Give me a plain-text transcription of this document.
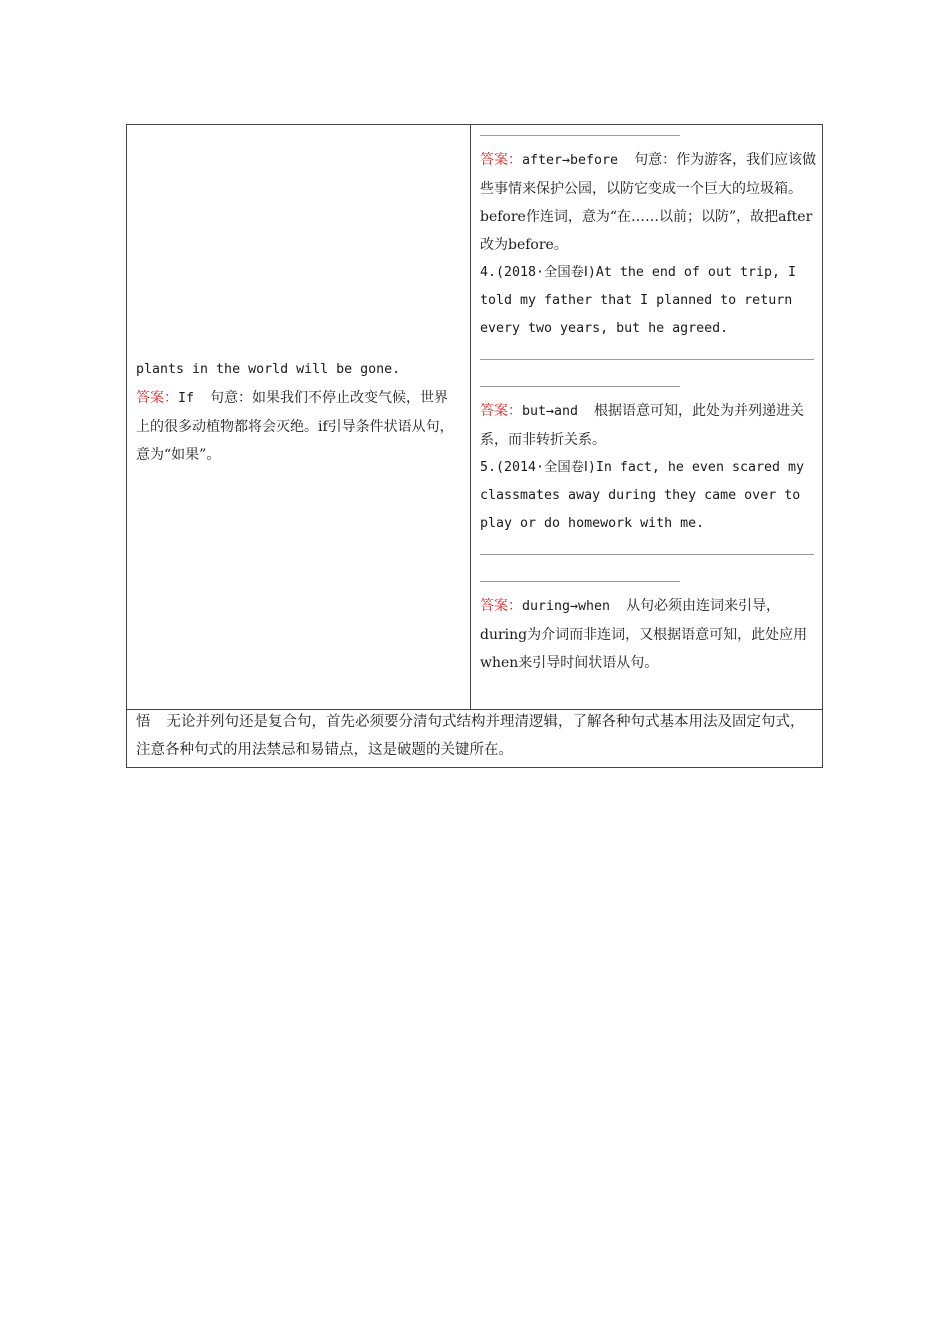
plants in the world will be gone.

答案：If 句意：如果我们不停止改变气候，世界上的很多动植物都将会灭绝。if引导条件状语从句，意为“如果”。

答案：after→before 句意：作为游客，我们应该做些事情来保护公园，以防它变成一个巨大的垃圾箱。before作连词，意为“在……以前；以防”，故把after改为before。

4.(2018·全国卷Ⅰ)At the end of out trip, I told my father that I planned to return every two years, but he agreed.

答案：but→and 根据语意可知，此处为并列递进关系，而非转折关系。

5.(2014·全国卷Ⅰ)In fact, he even scared my classmates away during they came over to play or do homework with me.

答案：during→when 从句必须由连词来引导，during为介词而非连词，又根据语意可知，此处应用when来引导时间状语从句。

悟 无论并列句还是复合句，首先必须要分清句式结构并理清逻辑，了解各种句式基本用法及固定句式，注意各种句式的用法禁忌和易错点，这是破题的关键所在。
